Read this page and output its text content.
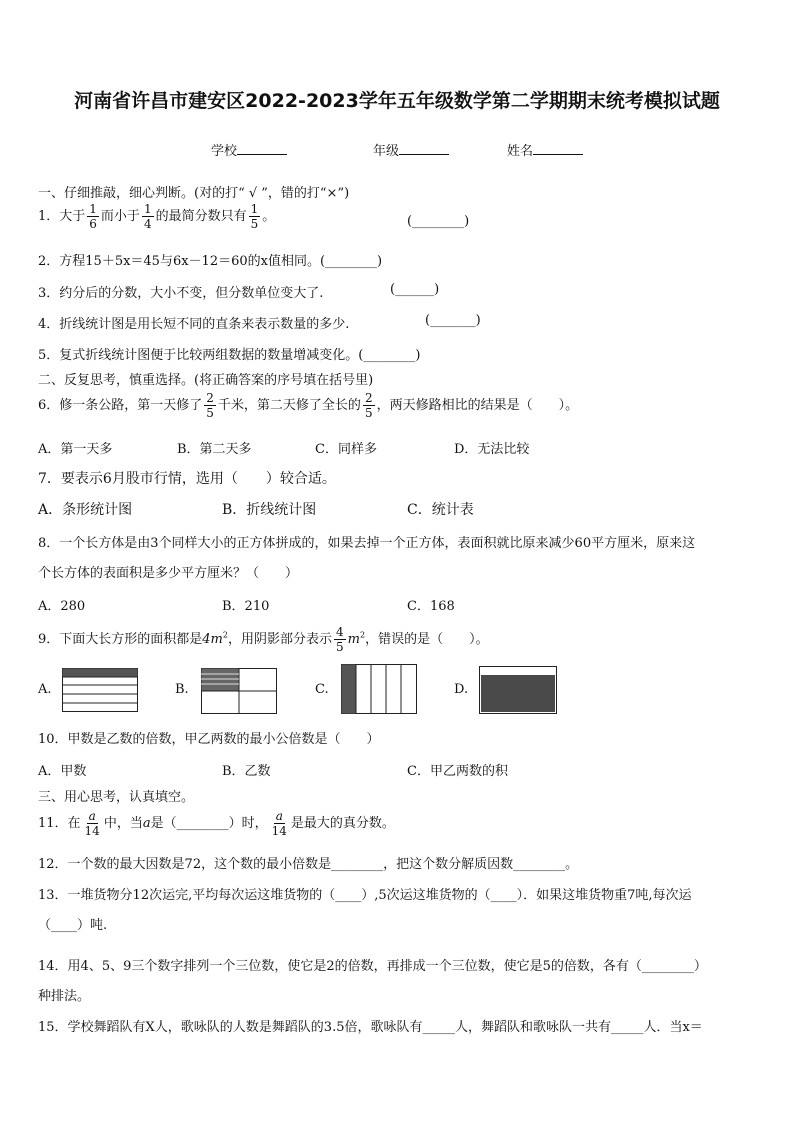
河南省许昌市建安区2022-2023学年五年级数学第二学期期末统考模拟试题
学校	年级	姓名
一、仔细推敲，细心判断。(对的打“ √ ”，错的打“×”)
1．大于 $\frac{1}{6}$ 而小于 $\frac{1}{4}$ 的最简分数只有 $\frac{1}{5}$ 。	(________)
2．方程15＋5x＝45与6x－12＝60的x值相同。(________)
3．约分后的分数，大小不变，但分数单位变大了.	(______)
4．折线统计图是用长短不同的直条来表示数量的多少.	(_______)
5．复式折线统计图便于比较两组数据的数量增减变化。(________)
二、反复思考，慎重选择。(将正确答案的序号填在括号里)
6．修一条公路，第一天修了 $\frac{2}{5}$ 千米，第二天修了全长的 $\frac{2}{5}$ ，两天修路相比的结果是（　　）。
A．第一天多	B．第二天多	C．同样多	D．无法比较
7．要表示6月股市行情，选用（　　）较合适。
A．条形统计图	B．折线统计图	C．统计表
8．一个长方体是由3个同样大小的正方体拼成的，如果去掉一个正方体，表面积就比原来减少60平方厘米，原来这
个长方体的表面积是多少平方厘米？（　　）
A．280	B．210	C．168
9．下面大长方形的面积都是$4m^2$，用阴影部分表示 $\frac{4}{5} m^2$，错误的是（　　）。
A.	B.	C.	D.
10．甲数是乙数的倍数，甲乙两数的最小公倍数是（　　）
A．甲数	B．乙数	C．甲乙两数的积
三、用心思考，认真填空。
11．在 $\frac{a}{14}$ 中，当a是（________）时， $\frac{a}{14}$ 是最大的真分数。
12．一个数的最大因数是72，这个数的最小倍数是________，把这个数分解质因数________。
13．一堆货物分12次运完,平均每次运这堆货物的（____）,5次运这堆货物的（____）．如果这堆货物重7吨,每次运
（____）吨.
14．用4、5、9三个数字排列一个三位数，使它是2的倍数，再排成一个三位数，使它是5的倍数，各有（________）
种排法。
15．学校舞蹈队有X人，歌咏队的人数是舞蹈队的3.5倍，歌咏队有_____人，舞蹈队和歌咏队一共有_____人．当x＝
